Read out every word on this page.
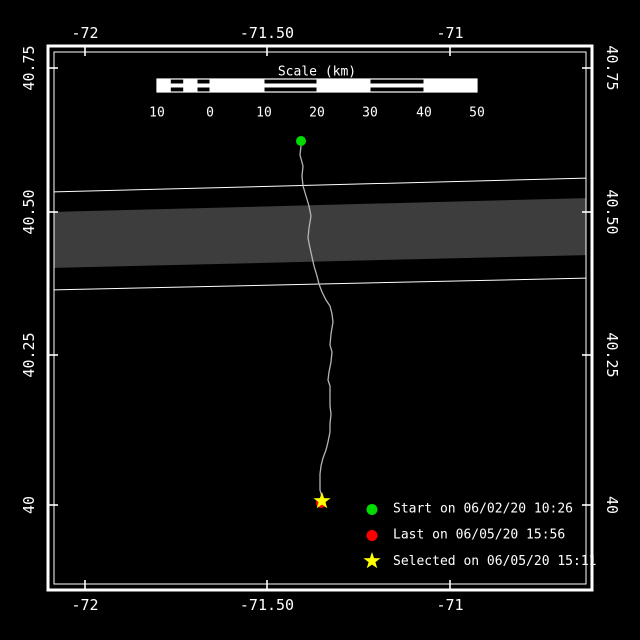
-72	-71.50	-71
-72	-71.50	-71
40.75
40.50
40.25
40
40.75
40.50
40.25
40
Scale (km)
10	0	10	20	30	40	50
Start on 06/02/20 10:26
Last on 06/05/20 15:56
Selected on 06/05/20 15:11
